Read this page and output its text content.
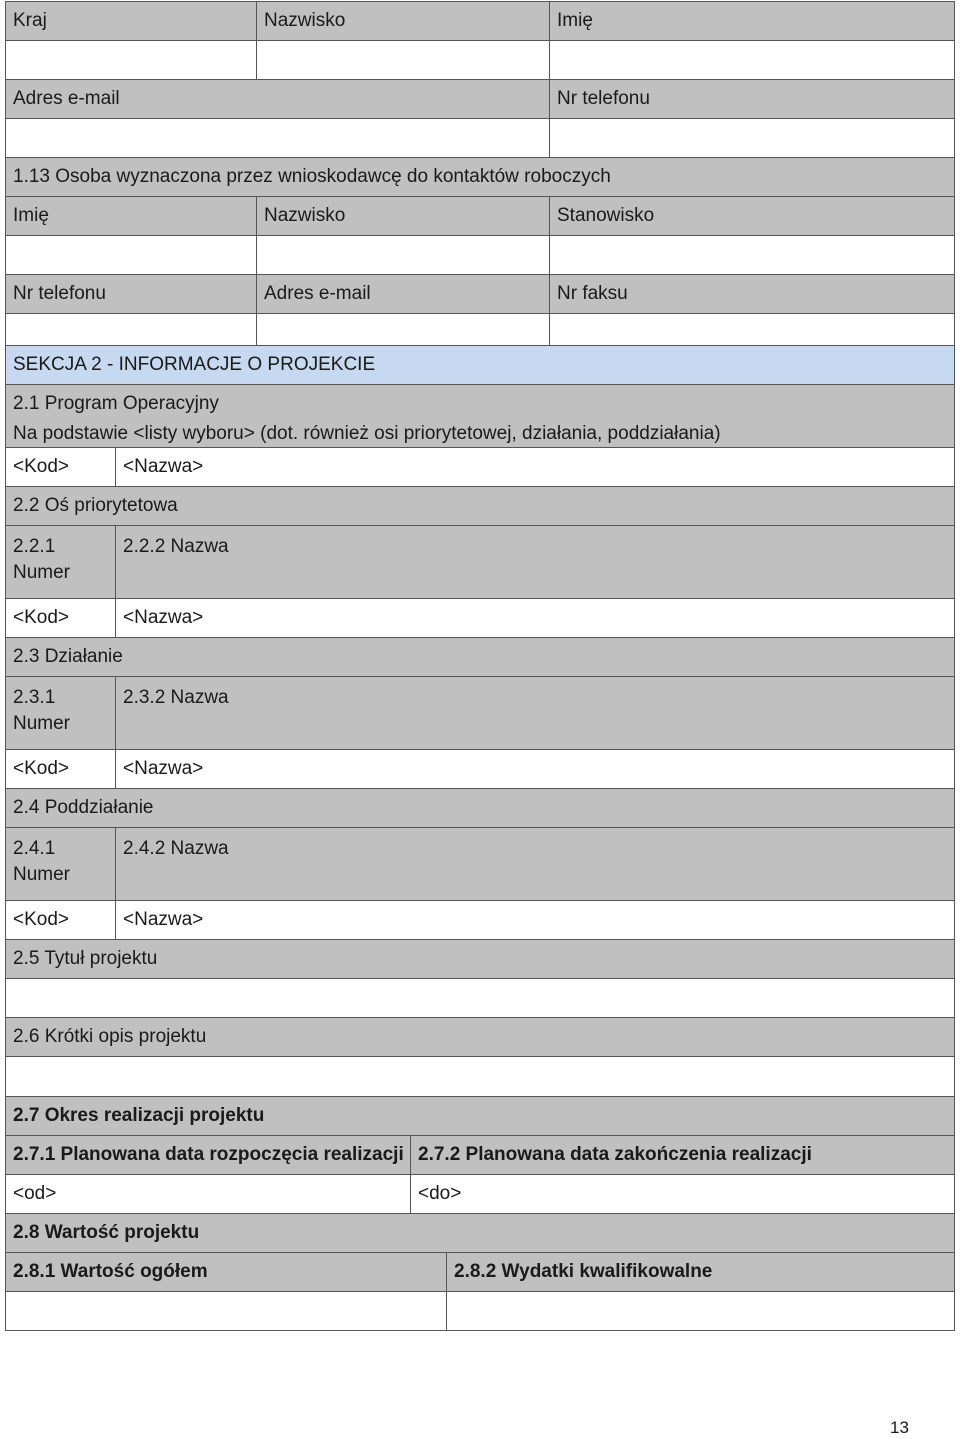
Kraj	Nazwisko	Imię

Adres e-mail		Nr telefonu

1.13 Osoba wyznaczona przez wnioskodawcę do kontaktów roboczych		
Imię	Nazwisko	Stanowisko

Nr telefonu	Adres e-mail	Nr faksu

SEKCJA 2 - INFORMACJE O PROJEKCIE	
2.1 Program Operacyjny	
Na podstawie <listy wyboru> (dot. również osi priorytetowej, działania, poddziałania)	
<Kod>	<Nazwa>
2.2 Oś priorytetowa	
2.2.1 Numer	2.2.2 Nazwa
<Kod>	<Nazwa>
2.3 Działanie	
2.3.1 Numer	2.3.2 Nazwa
<Kod>	<Nazwa>
2.4 Poddziałanie	
2.4.1 Numer	2.4.2 Nazwa
<Kod>	<Nazwa>
2.5 Tytuł projektu	

2.6 Krótki opis projektu	

2.7 Okres realizacji projektu	
2.7.1 Planowana data rozpoczęcia realizacji	2.7.2 Planowana data zakończenia realizacji
<od>	<do>
2.8 Wartość projektu	
2.8.1 Wartość ogółem	2.8.2 Wydatki kwalifikowalne

13
